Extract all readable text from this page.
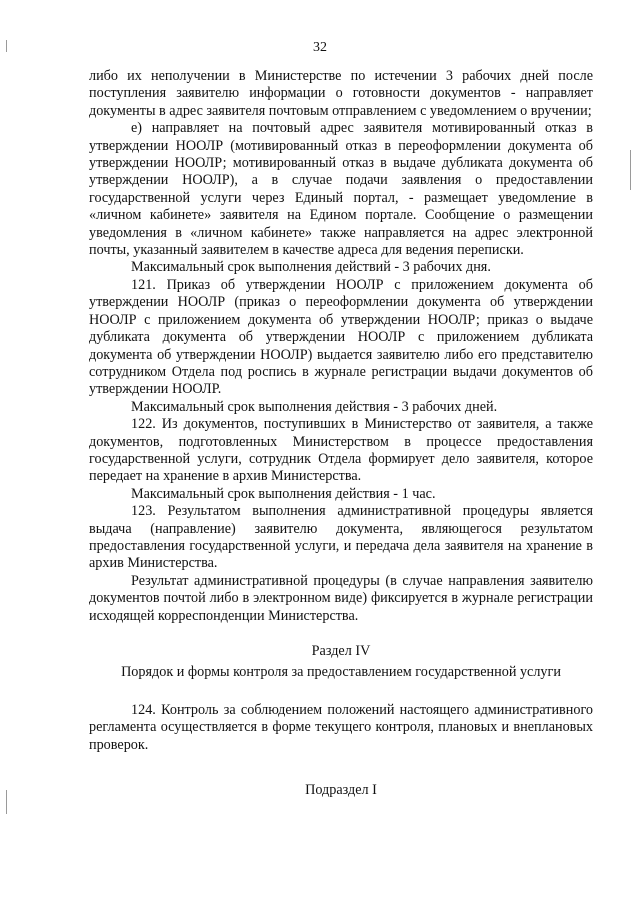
32

либо их неполучении в Министерстве по истечении 3 рабочих дней после поступления заявителю информации о готовности документов - направляет документы в адрес заявителя почтовым отправлением с уведомлением о вручении;

е) направляет на почтовый адрес заявителя мотивированный отказ в утверждении НООЛР (мотивированный отказ в переоформлении документа об утверждении НООЛР; мотивированный отказ в выдаче дубликата документа об утверждении НООЛР), а в случае подачи заявления о предоставлении государственной услуги через Единый портал, - размещает уведомление в «личном кабинете» заявителя на Едином портале. Сообщение о размещении уведомления в «личном кабинете» также направляется на адрес электронной почты, указанный заявителем в качестве адреса для ведения переписки.

Максимальный срок выполнения действий - 3 рабочих дня.

121. Приказ об утверждении НООЛР с приложением документа об утверждении НООЛР (приказ о переоформлении документа об утверждении НООЛР с приложением документа об утверждении НООЛР; приказ о выдаче дубликата документа об утверждении НООЛР с приложением дубликата документа об утверждении НООЛР) выдается заявителю либо его представителю сотрудником Отдела под роспись в журнале регистрации выдачи документов об утверждении НООЛР.

Максимальный срок выполнения действия - 3 рабочих дней.

122. Из документов, поступивших в Министерство от заявителя, а также документов, подготовленных Министерством в процессе предоставления государственной услуги, сотрудник Отдела формирует дело заявителя, которое передает на хранение в архив Министерства.

Максимальный срок выполнения действия - 1 час.

123. Результатом выполнения административной процедуры является выдача (направление) заявителю документа, являющегося результатом предоставления государственной услуги, и передача дела заявителя на хранение в архив Министерства.

Результат административной процедуры (в случае направления заявителю документов почтой либо в электронном виде) фиксируется в журнале регистрации исходящей корреспонденции Министерства.

Раздел IV

Порядок и формы контроля за предоставлением государственной услуги

124. Контроль за соблюдением положений настоящего административного регламента осуществляется в форме текущего контроля, плановых и внеплановых проверок.

Подраздел I
